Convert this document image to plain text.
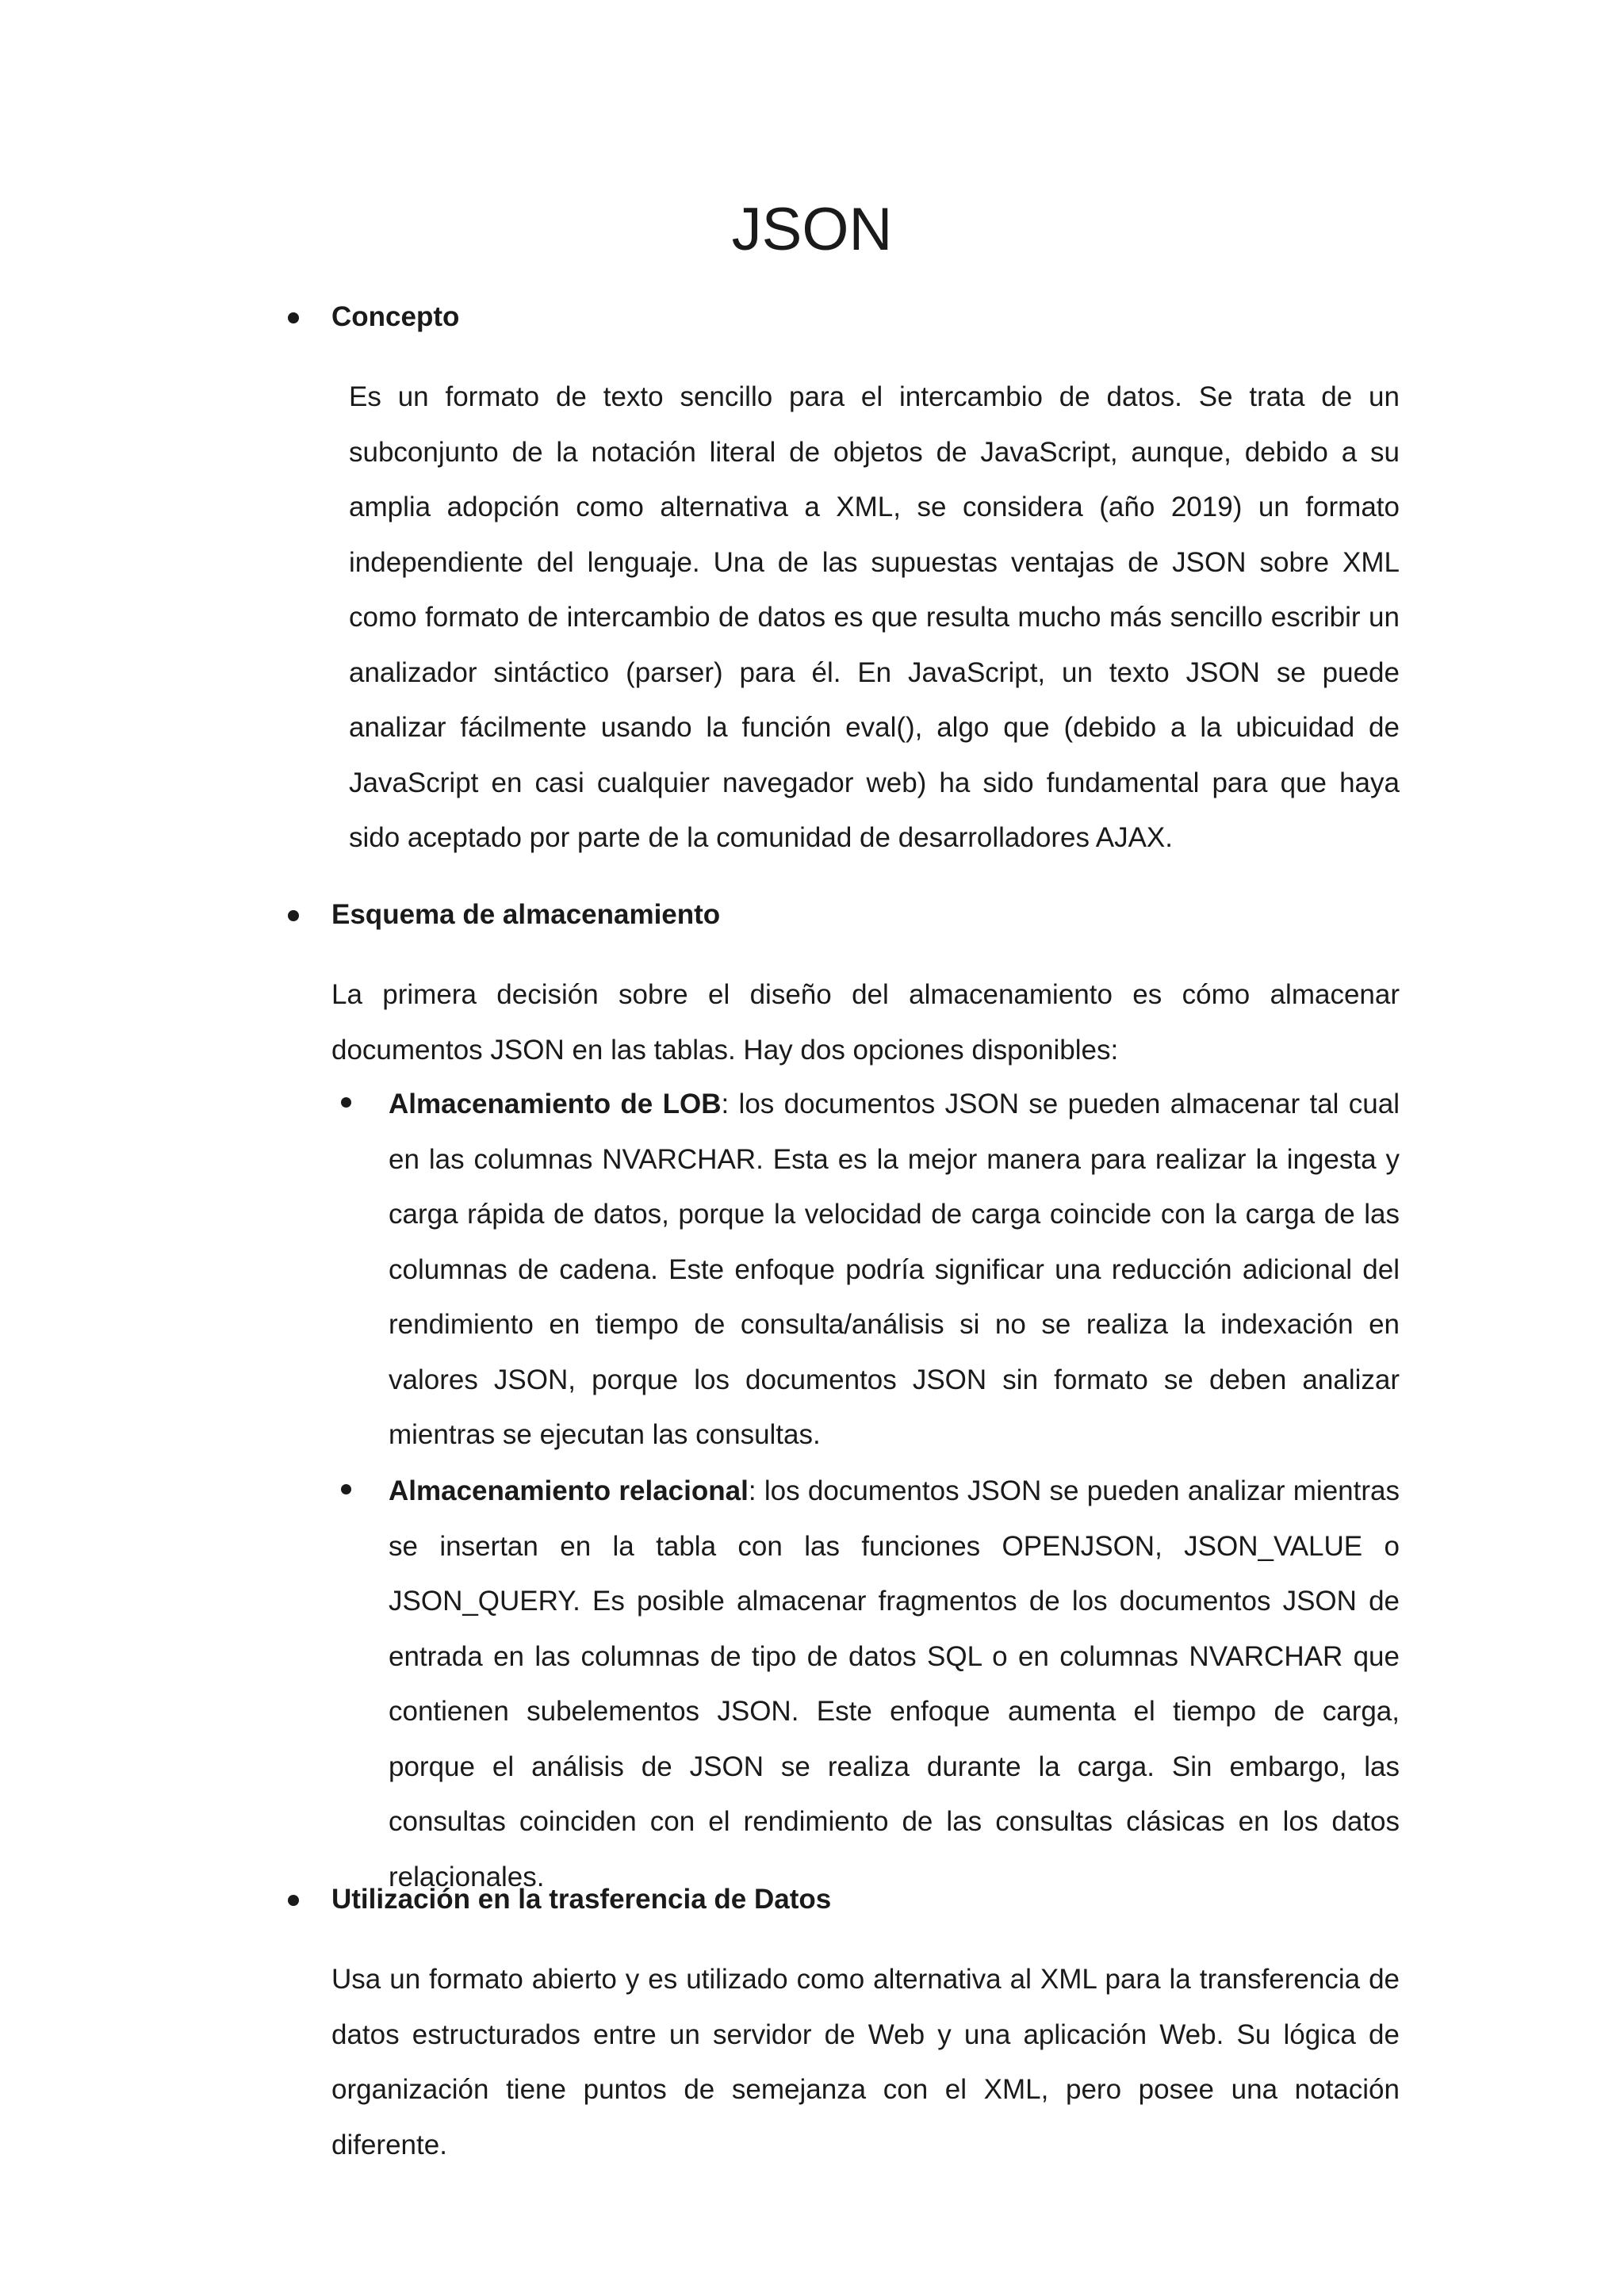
JSON
Concepto

Es un formato de texto sencillo para el intercambio de datos. Se trata de un subconjunto de la notación literal de objetos de JavaScript, aunque, debido a su amplia adopción como alternativa a XML, se considera (año 2019) un formato independiente del lenguaje. Una de las supuestas ventajas de JSON sobre XML como formato de intercambio de datos es que resulta mucho más sencillo escribir un analizador sintáctico (parser) para él. En JavaScript, un texto JSON se puede analizar fácilmente usando la función eval(), algo que (debido a la ubicuidad de JavaScript en casi cualquier navegador web) ha sido fundamental para que haya sido aceptado por parte de la comunidad de desarrolladores AJAX.

Esquema de almacenamiento

La primera decisión sobre el diseño del almacenamiento es cómo almacenar documentos JSON en las tablas. Hay dos opciones disponibles:

Almacenamiento de LOB: los documentos JSON se pueden almacenar tal cual en las columnas NVARCHAR. Esta es la mejor manera para realizar la ingesta y carga rápida de datos, porque la velocidad de carga coincide con la carga de las columnas de cadena. Este enfoque podría significar una reducción adicional del rendimiento en tiempo de consulta/análisis si no se realiza la indexación en valores JSON, porque los documentos JSON sin formato se deben analizar mientras se ejecutan las consultas.

Almacenamiento relacional: los documentos JSON se pueden analizar mientras se insertan en la tabla con las funciones OPENJSON, JSON_VALUE o JSON_QUERY. Es posible almacenar fragmentos de los documentos JSON de entrada en las columnas de tipo de datos SQL o en columnas NVARCHAR que contienen subelementos JSON. Este enfoque aumenta el tiempo de carga, porque el análisis de JSON se realiza durante la carga. Sin embargo, las consultas coinciden con el rendimiento de las consultas clásicas en los datos relacionales.

Utilización en la trasferencia de Datos

Usa un formato abierto y es utilizado como alternativa al XML para la transferencia de datos estructurados entre un servidor de Web y una aplicación Web. Su lógica de organización tiene puntos de semejanza con el XML, pero posee una notación diferente.
